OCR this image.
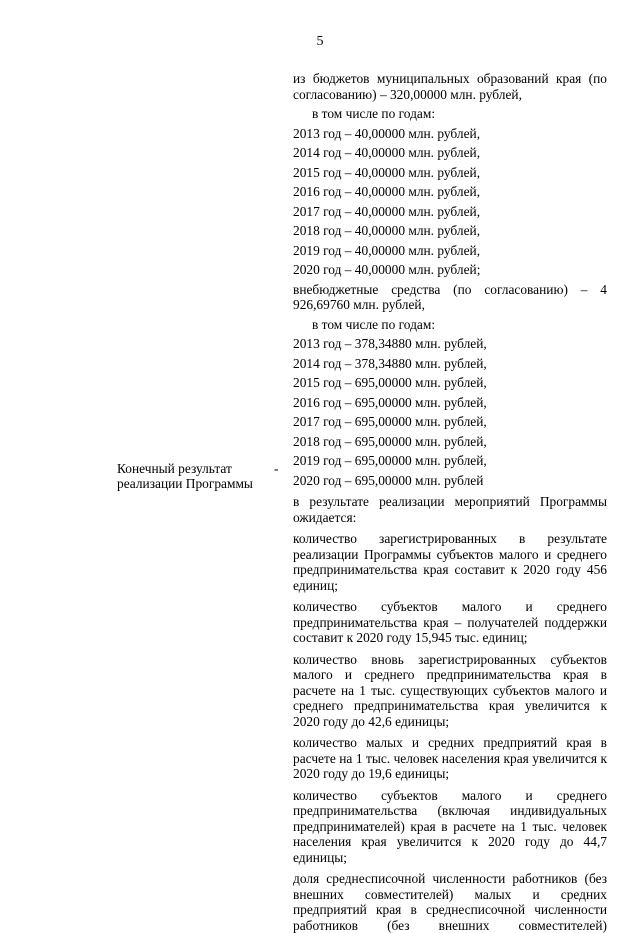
5

из бюджетов муниципальных образований края (по согласованию) – 320,00000 млн. рублей,

в том числе по годам:

2013 год – 40,00000 млн. рублей,

2014 год – 40,00000 млн. рублей,

2015 год – 40,00000 млн. рублей,

2016 год – 40,00000 млн. рублей,

2017 год – 40,00000 млн. рублей,

2018 год – 40,00000 млн. рублей,

2019 год – 40,00000 млн. рублей,

2020 год – 40,00000 млн. рублей;

внебюджетные средства (по согласованию) – 4 926,69760 млн. рублей,

в том числе по годам:

2013 год – 378,34880 млн. рублей,

2014 год – 378,34880 млн. рублей,

2015 год – 695,00000 млн. рублей,

2016 год – 695,00000 млн. рублей,

2017 год – 695,00000 млн. рублей,

2018 год – 695,00000 млн. рублей,

2019 год – 695,00000 млн. рублей,

2020 год – 695,00000 млн. рублей

в результате реализации мероприятий Программы ожидается:

количество зарегистрированных в результате реализации Программы субъектов малого и среднего предпринимательства края составит к 2020 году 456 единиц;

количество субъектов малого и среднего предпринимательства края – получателей поддержки составит к 2020 году 15,945 тыс. единиц;

количество вновь зарегистрированных субъектов малого и среднего предпринимательства края в расчете на 1 тыс. существующих субъектов малого и среднего предпринимательства края увеличится к 2020 году до 42,6 единицы;

количество малых и средних предприятий края в расчете на 1 тыс. человек населения края увеличится к 2020 году до 19,6 единицы;

количество субъектов малого и среднего предпринимательства (включая индивидуальных предпринимателей) края в расчете на 1 тыс. человек населения края увеличится к 2020 году до 44,7 единицы;

доля среднесписочной численности работников (без внешних совместителей) малых и средних предприятий края в среднесписочной численности работников (без внешних совместителей)

Конечный результат реализации Программы
-
